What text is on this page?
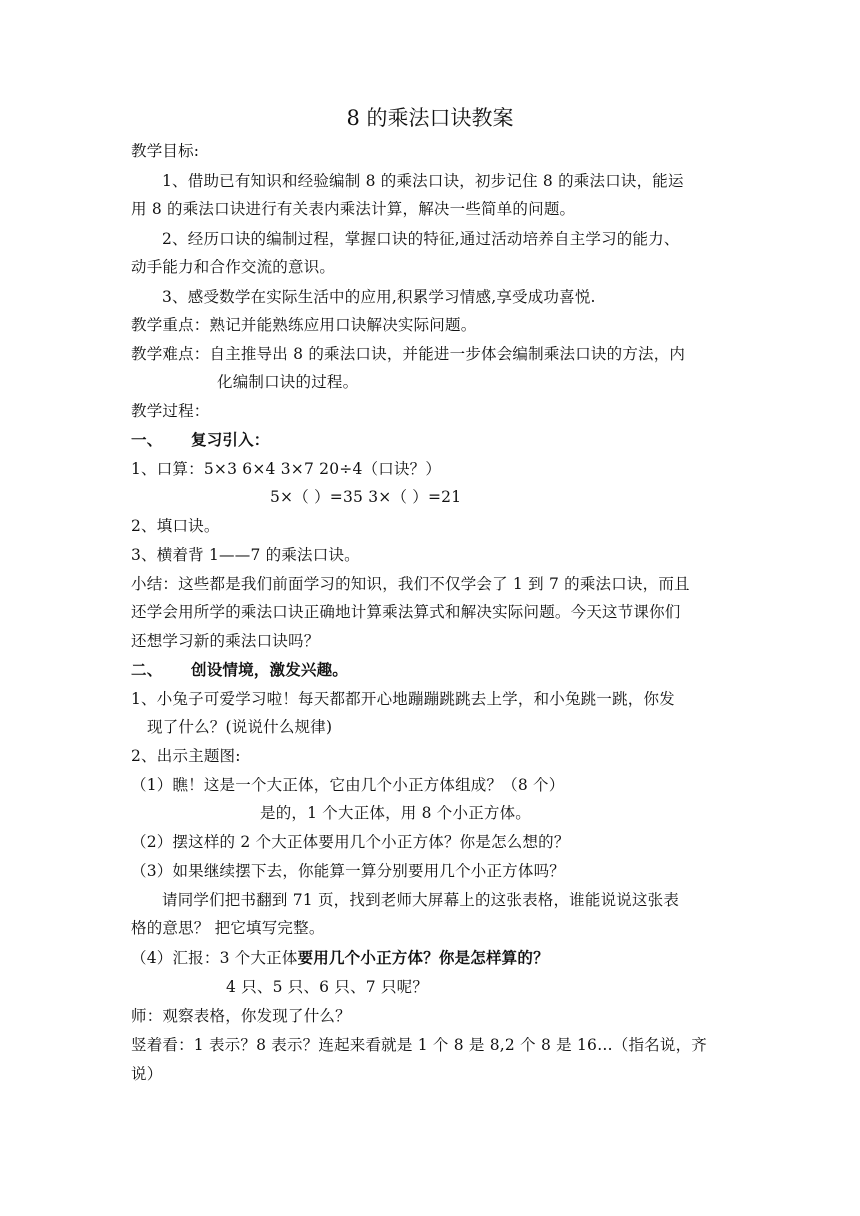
8 的乘法口诀教案
教学目标:
1、借助已有知识和经验编制 8 的乘法口诀，初步记住 8 的乘法口诀，能运
用 8 的乘法口诀进行有关表内乘法计算，解决一些简单的问题。
2、经历口诀的编制过程，掌握口诀的特征,通过活动培养自主学习的能力、
动手能力和合作交流的意识。
3、感受数学在实际生活中的应用,积累学习情感,享受成功喜悦.
教学重点：熟记并能熟练应用口诀解决实际问题。
教学难点：自主推导出 8 的乘法口诀，并能进一步体会编制乘法口诀的方法，内
化编制口诀的过程。
教学过程：
一、 复习引入：
1、口算：5×3 6×4 3×7 20÷4（口诀？）
5×（ ）=35 3×（ ）=21
2、填口诀。
3、横着背 1——7 的乘法口诀。
小结：这些都是我们前面学习的知识，我们不仅学会了 1 到 7 的乘法口诀，而且
还学会用所学的乘法口诀正确地计算乘法算式和解决实际问题。今天这节课你们
还想学习新的乘法口诀吗？
二、 创设情境，激发兴趣。
1、小兔子可爱学习啦！每天都都开心地蹦蹦跳跳去上学，和小兔跳一跳，你发
现了什么？(说说什么规律)
2、出示主题图:
（1）瞧！这是一个大正体，它由几个小正方体组成？（8 个）
是的，1 个大正体，用 8 个小正方体。
（2）摆这样的 2 个大正体要用几个小正方体？你是怎么想的？
（3）如果继续摆下去，你能算一算分别要用几个小正方体吗？
请同学们把书翻到 71 页，找到老师大屏幕上的这张表格，谁能说说这张表
格的意思？ 把它填写完整。
（4）汇报：3 个大正体要用几个小正方体？你是怎样算的？
4 只、5 只、6 只、7 只呢？
师：观察表格，你发现了什么？
竖着看：1 表示？8 表示？连起来看就是 1 个 8 是 8,2 个 8 是 16…（指名说，齐
说）
